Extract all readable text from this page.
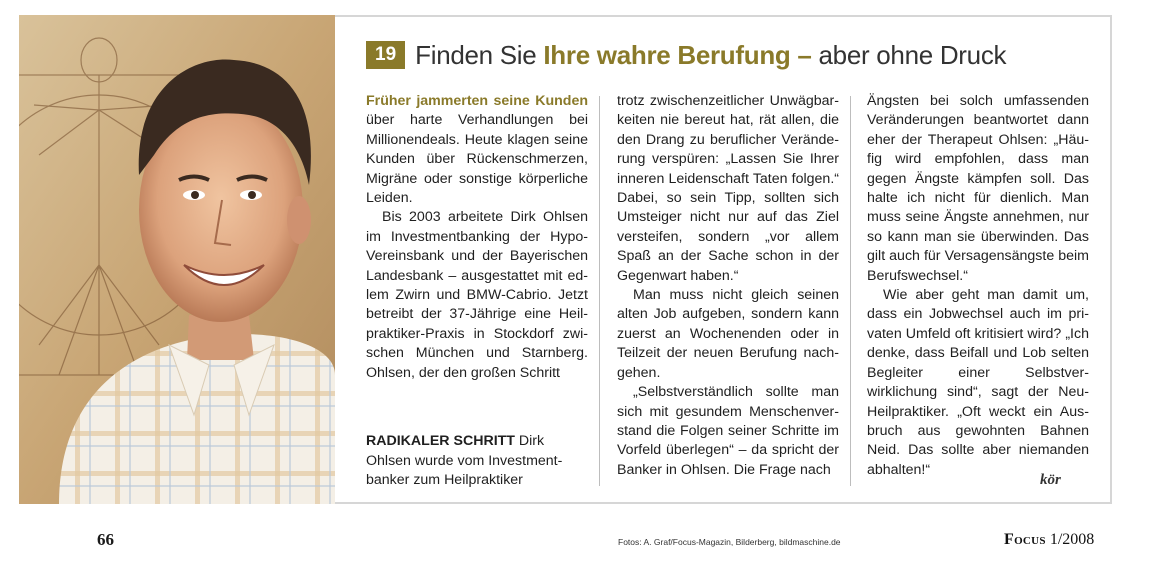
19 Finden Sie Ihre wahre Berufung – aber ohne Druck

Früher jammerten seine Kunden über harte Verhandlungen bei Millionendeals. Heute klagen seine Kunden über Rückenschmerzen, Migräne oder sonstige körperliche Leiden.

Bis 2003 arbeitete Dirk Ohlsen im Investmentbanking der Hypo-Vereinsbank und der Bayerischen Landesbank – ausgestattet mit edlem Zwirn und BMW-Cabrio. Jetzt betreibt der 37-Jährige eine Heilpraktiker-Praxis in Stockdorf zwischen München und Starnberg. Ohlsen, der den großen Schritt

trotz zwischenzeitlicher Unwägbarkeiten nie bereut hat, rät allen, die den Drang zu beruflicher Veränderung verspüren: „Lassen Sie Ihrer inneren Leidenschaft Taten folgen.“ Dabei, so sein Tipp, sollten sich Umsteiger nicht nur auf das Ziel versteifen, sondern „vor allem Spaß an der Sache schon in der Gegenwart haben.“

Man muss nicht gleich seinen alten Job aufgeben, sondern kann zuerst an Wochenenden oder in Teilzeit der neuen Berufung nachgehen.

„Selbstverständlich sollte man sich mit gesundem Menschenverstand die Folgen seiner Schritte im Vorfeld überlegen“ – da spricht der Banker in Ohlsen. Die Frage nach

Ängsten bei solch umfassenden Veränderungen beantwortet dann eher der Therapeut Ohlsen: „Häufig wird empfohlen, dass man gegen Ängste kämpfen soll. Das halte ich nicht für dienlich. Man muss seine Ängste annehmen, nur so kann man sie überwinden. Das gilt auch für Versagensängste beim Berufswechsel.“

Wie aber geht man damit um, dass ein Jobwechsel auch im privaten Umfeld oft kritisiert wird? „Ich denke, dass Beifall und Lob selten Begleiter einer Selbstverwirklichung sind“, sagt der Neu-Heilpraktiker. „Oft weckt ein Ausbruch aus gewohnten Bahnen Neid. Das sollte aber niemanden abhalten!“

kör
RADIKALER SCHRITT Dirk Ohlsen wurde vom Investmentbanker zum Heilpraktiker
66	Fotos: A. Graf/Focus-Magazin, Bilderberg, bildmaschine.de	Focus 1/2008
